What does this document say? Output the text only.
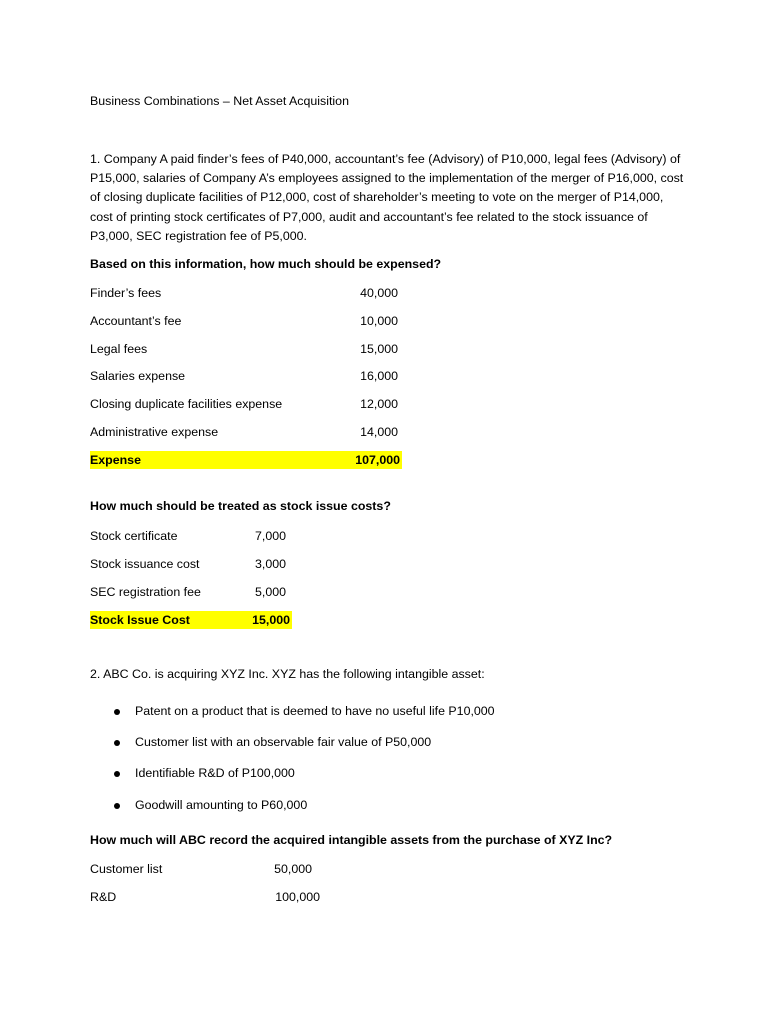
Business Combinations – Net Asset Acquisition
1. Company A paid finder’s fees of P40,000, accountant’s fee (Advisory) of P10,000, legal fees (Advisory) of P15,000, salaries of Company A’s employees assigned to the implementation of the merger of P16,000, cost of closing duplicate facilities of P12,000, cost of shareholder’s meeting to vote on the merger of P14,000, cost of printing stock certificates of P7,000, audit and accountant’s fee related to the stock issuance of P3,000, SEC registration fee of P5,000.
Based on this information, how much should be expensed?
Finder’s fees	40,000
Accountant’s fee	10,000
Legal fees	15,000
Salaries expense	16,000
Closing duplicate facilities expense	12,000
Administrative expense	14,000
Expense	107,000
How much should be treated as stock issue costs?
Stock certificate	7,000
Stock issuance cost	3,000
SEC registration fee	5,000
Stock Issue Cost	15,000
2. ABC Co. is acquiring XYZ Inc. XYZ has the following intangible asset:
Patent on a product that is deemed to have no useful life P10,000
Customer list with an observable fair value of P50,000
Identifiable R&D of P100,000
Goodwill amounting to P60,000
How much will ABC record the acquired intangible assets from the purchase of XYZ Inc?
Customer list	50,000
R&D	100,000
